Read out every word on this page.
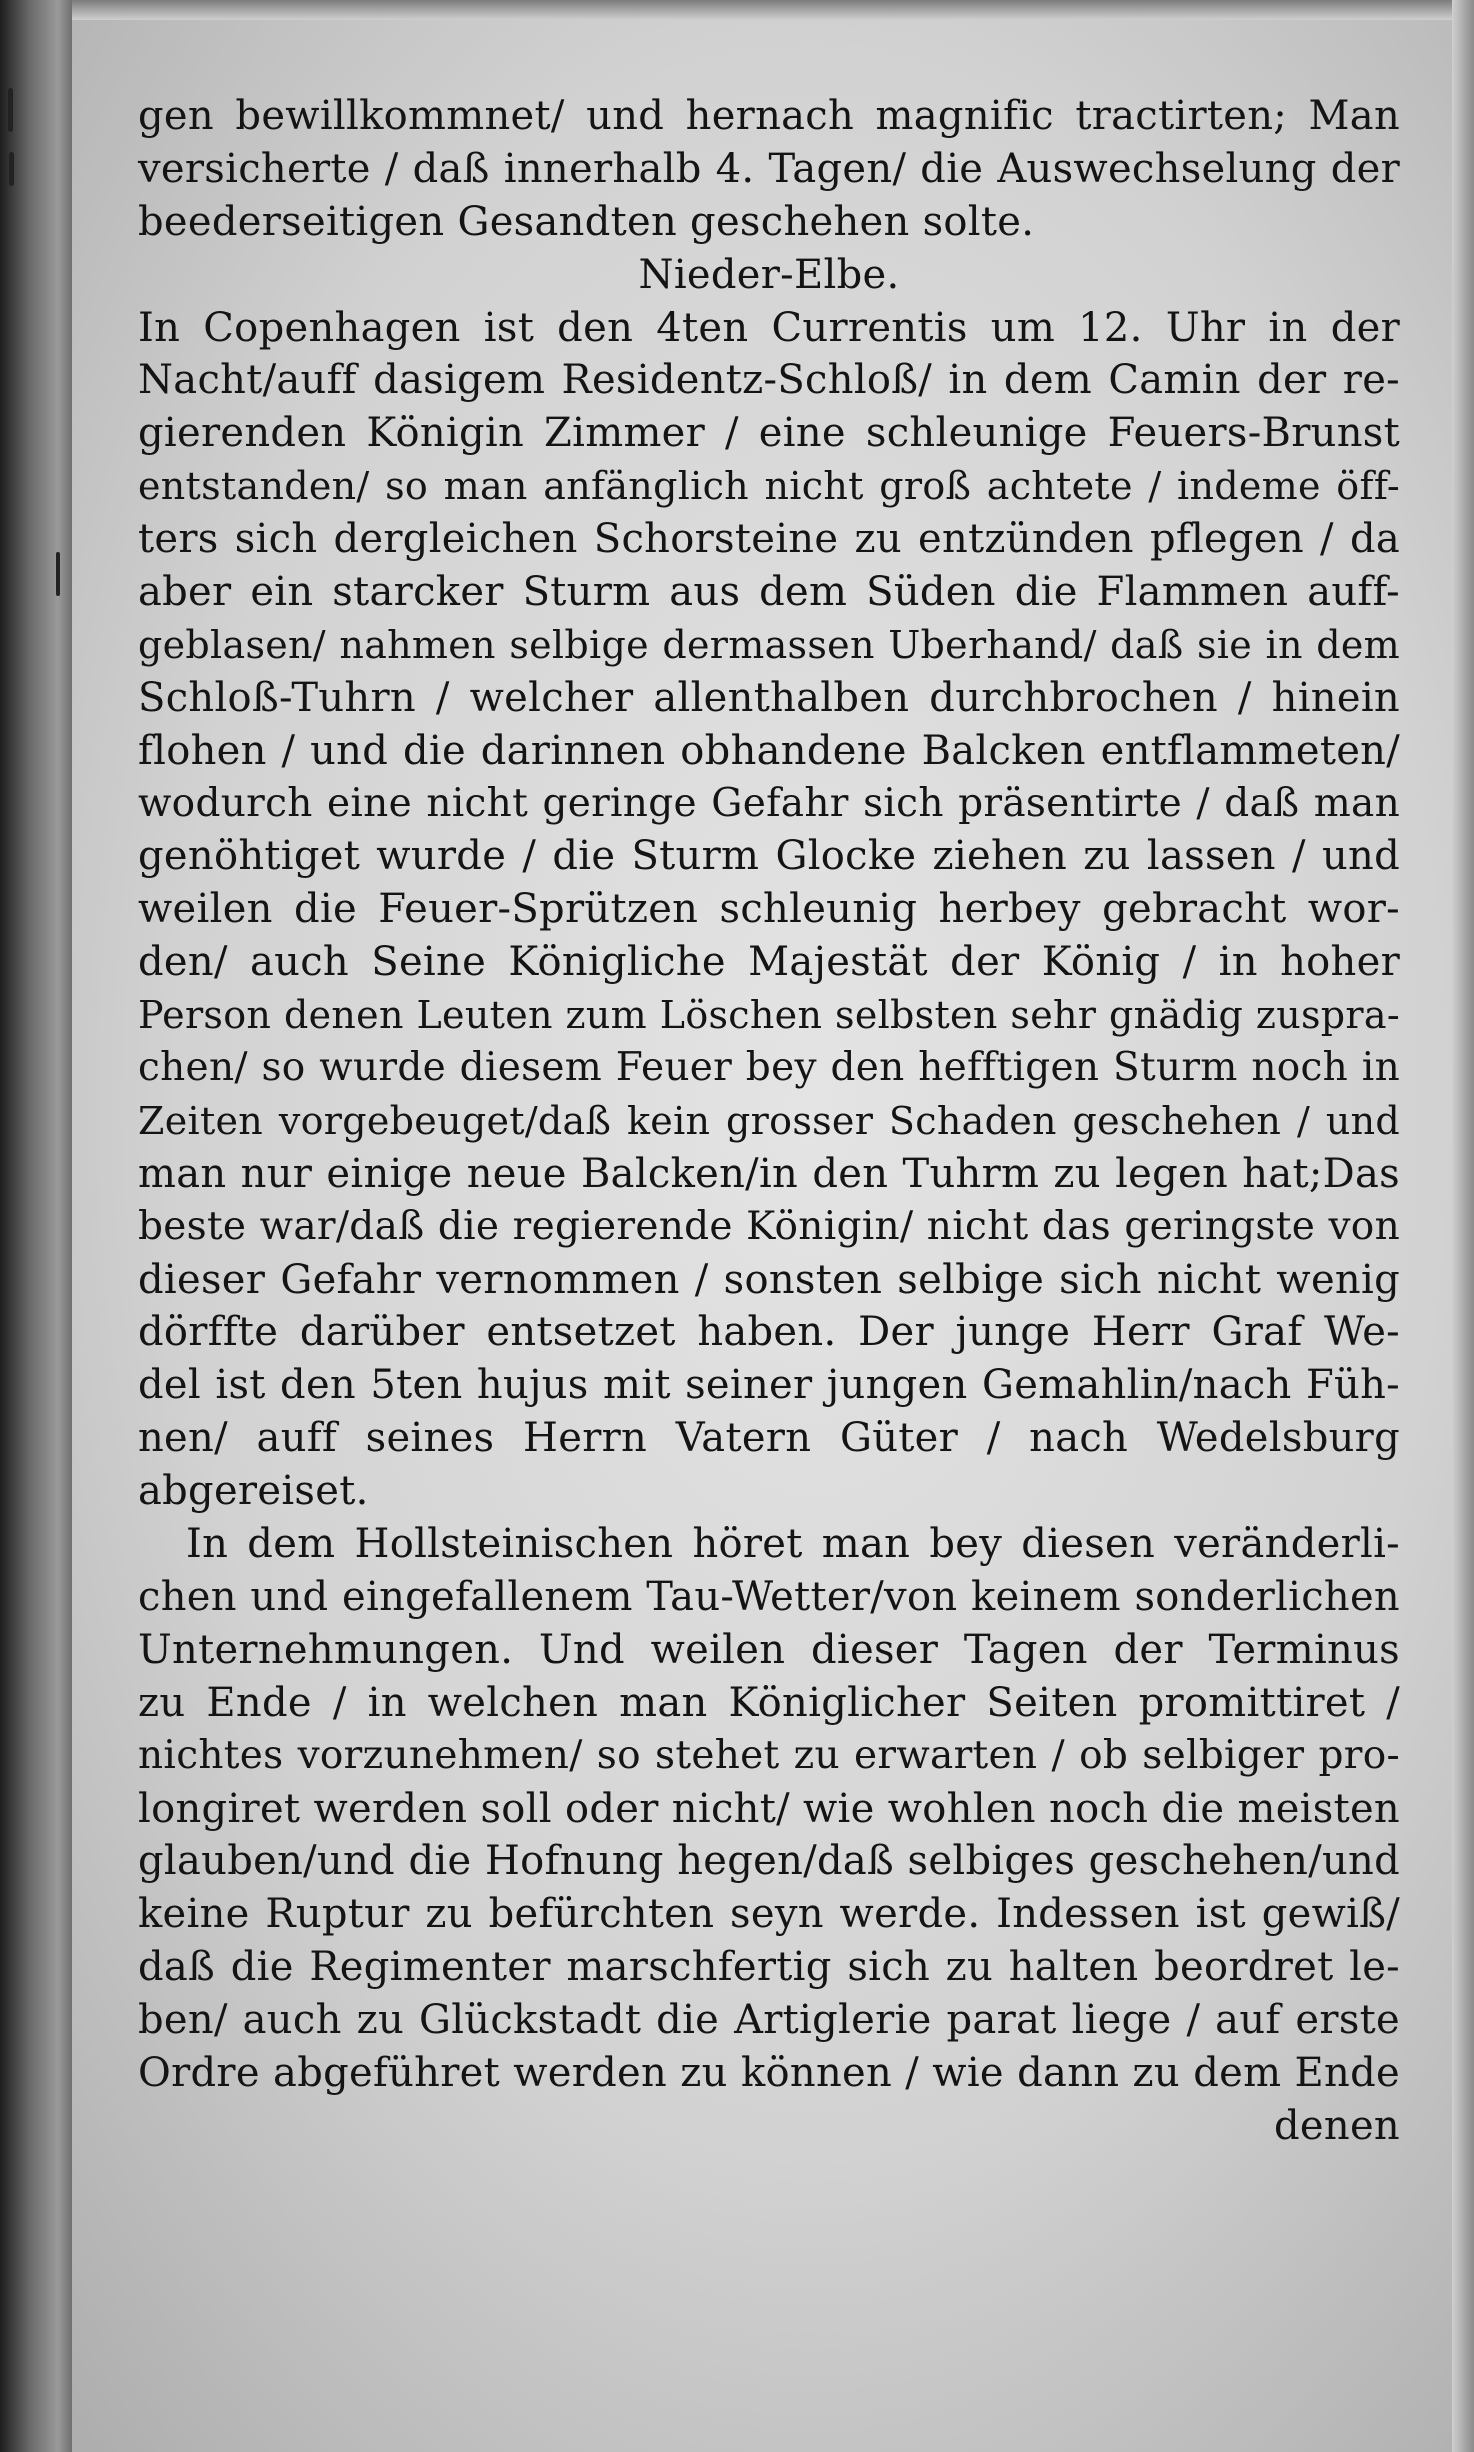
gen bewillkommnet/ und hernach magnific tractirten; Man
versicherte / daß innerhalb 4. Tagen/ die Auswechselung der
beederseitigen Gesandten geschehen solte.
Nieder-Elbe.
In Copenhagen ist den 4ten Currentis um 12. Uhr in der
Nacht/auff dasigem Residentz-Schloß/ in dem Camin der re-
gierenden Königin Zimmer / eine schleunige Feuers-Brunst
entstanden/ so man anfänglich nicht groß achtete / indeme öff-
ters sich dergleichen Schorsteine zu entzünden pflegen / da
aber ein starcker Sturm aus dem Süden die Flammen auff-
geblasen/ nahmen selbige dermassen Uberhand/ daß sie in dem
Schloß-Tuhrn / welcher allenthalben durchbrochen / hinein
flohen / und die darinnen obhandene Balcken entflammeten/
wodurch eine nicht geringe Gefahr sich präsentirte / daß man
genöhtiget wurde / die Sturm Glocke ziehen zu lassen / und
weilen die Feuer-Sprützen schleunig herbey gebracht wor-
den/ auch Seine Königliche Majestät der König / in hoher
Person denen Leuten zum Löschen selbsten sehr gnädig zuspra-
chen/ so wurde diesem Feuer bey den hefftigen Sturm noch in
Zeiten vorgebeuget/daß kein grosser Schaden geschehen / und
man nur einige neue Balcken/in den Tuhrm zu legen hat;Das
beste war/daß die regierende Königin/ nicht das geringste von
dieser Gefahr vernommen / sonsten selbige sich nicht wenig
dörffte darüber entsetzet haben. Der junge Herr Graf We-
del ist den 5ten hujus mit seiner jungen Gemahlin/nach Füh-
nen/ auff seines Herrn Vatern Güter / nach Wedelsburg
abgereiset.
In dem Hollsteinischen höret man bey diesen veränderli-
chen und eingefallenem Tau-Wetter/von keinem sonderlichen
Unternehmungen. Und weilen dieser Tagen der Terminus
zu Ende / in welchen man Königlicher Seiten promittiret /
nichtes vorzunehmen/ so stehet zu erwarten / ob selbiger pro-
longiret werden soll oder nicht/ wie wohlen noch die meisten
glauben/und die Hofnung hegen/daß selbiges geschehen/und
keine Ruptur zu befürchten seyn werde. Indessen ist gewiß/
daß die Regimenter marschfertig sich zu halten beordret le-
ben/ auch zu Glückstadt die Artiglerie parat liege / auf erste
Ordre abgeführet werden zu können / wie dann zu dem Ende
denen
